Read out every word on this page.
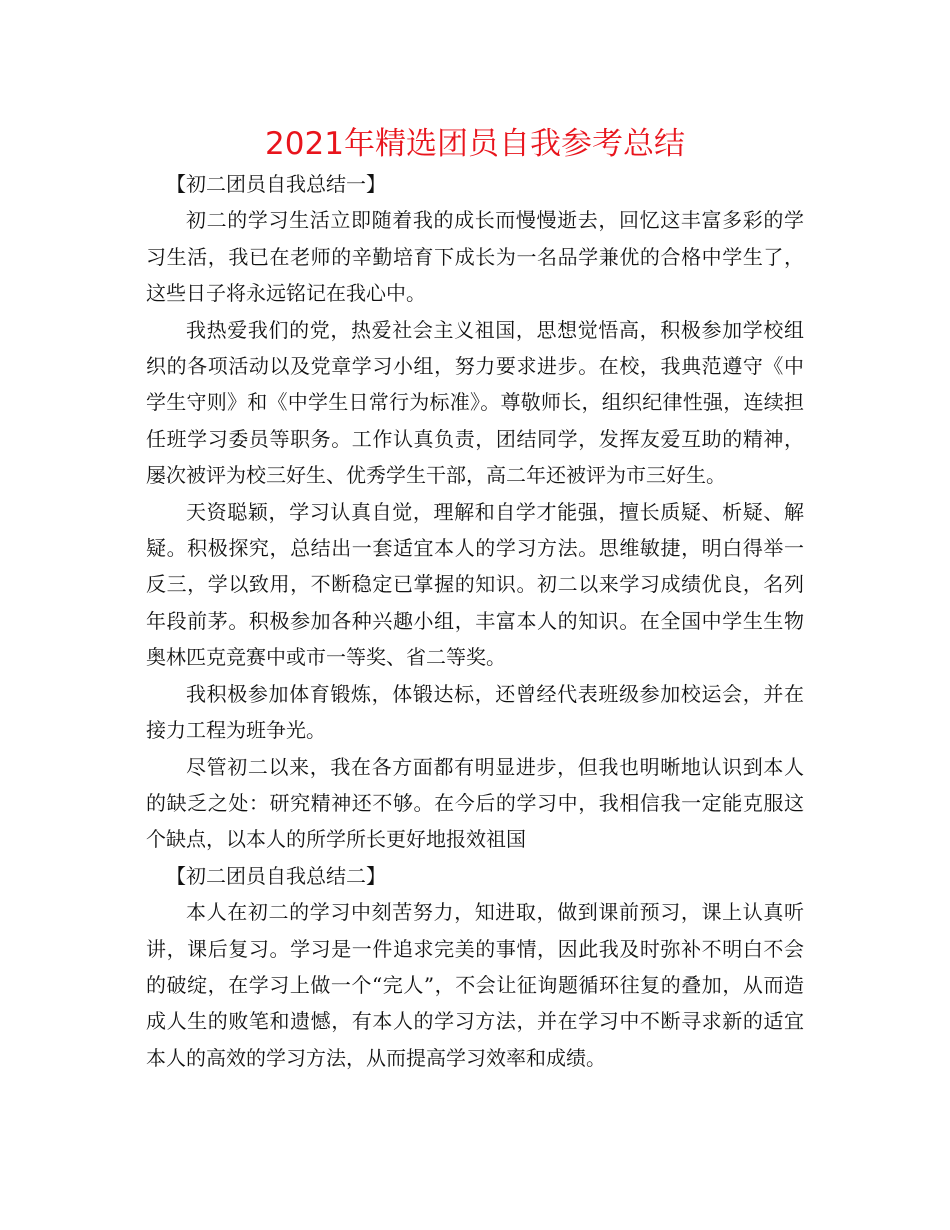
2021年精选团员自我参考总结

【初二团员自我总结一】

初二的学习生活立即随着我的成长而慢慢逝去，回忆这丰富多彩的学习生活，我已在老师的辛勤培育下成长为一名品学兼优的合格中学生了，这些日子将永远铭记在我心中。

我热爱我们的党，热爱社会主义祖国，思想觉悟高，积极参加学校组织的各项活动以及党章学习小组，努力要求进步。在校，我典范遵守《中学生守则》和《中学生日常行为标准》。尊敬师长，组织纪律性强，连续担任班学习委员等职务。工作认真负责，团结同学，发挥友爱互助的精神，屡次被评为校三好生、优秀学生干部，高二年还被评为市三好生。

天资聪颖，学习认真自觉，理解和自学才能强，擅长质疑、析疑、解疑。积极探究，总结出一套适宜本人的学习方法。思维敏捷，明白得举一反三，学以致用，不断稳定已掌握的知识。初二以来学习成绩优良，名列年段前茅。积极参加各种兴趣小组，丰富本人的知识。在全国中学生生物奥林匹克竞赛中或市一等奖、省二等奖。

我积极参加体育锻炼，体锻达标，还曾经代表班级参加校运会，并在接力工程为班争光。

尽管初二以来，我在各方面都有明显进步，但我也明晰地认识到本人的缺乏之处：研究精神还不够。在今后的学习中，我相信我一定能克服这个缺点，以本人的所学所长更好地报效祖国

【初二团员自我总结二】

本人在初二的学习中刻苦努力，知进取，做到课前预习，课上认真听讲，课后复习。学习是一件追求完美的事情，因此我及时弥补不明白不会的破绽，在学习上做一个“完人”，不会让征询题循环往复的叠加，从而造成人生的败笔和遗憾，有本人的学习方法，并在学习中不断寻求新的适宜本人的高效的学习方法，从而提高学习效率和成绩。
